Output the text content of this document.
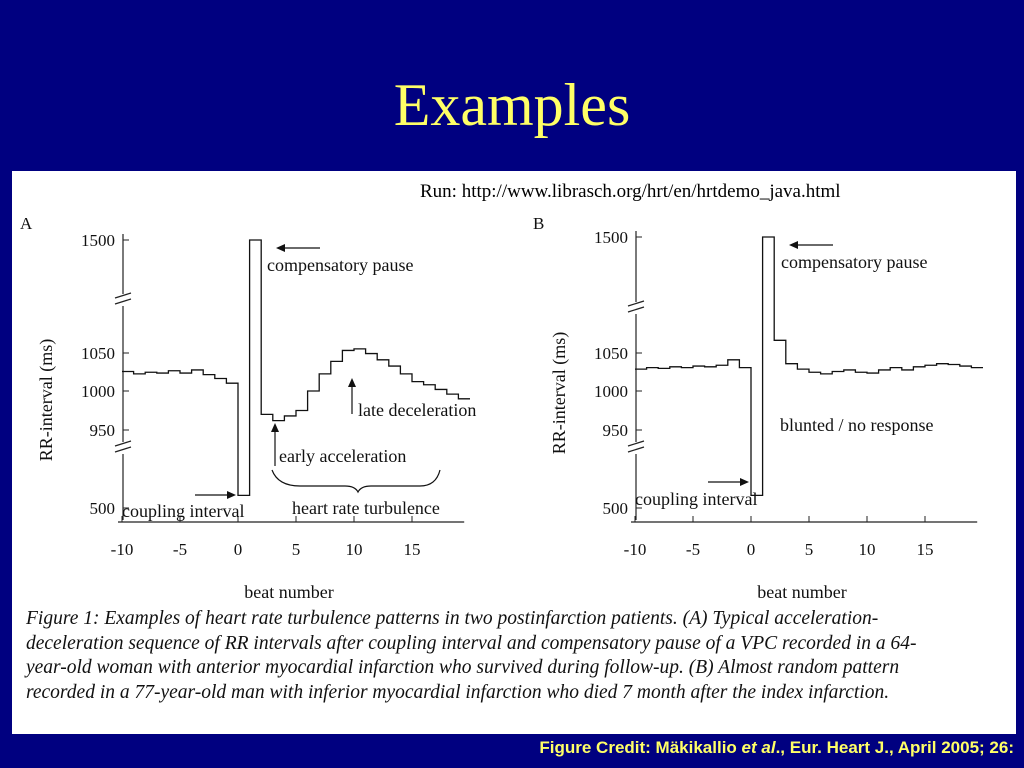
Examples
Run: http://www.librasch.org/hrt/en/hrtdemo_java.html
A
500
950
1000
1050
1500
RR-interval (ms)
-10 -5	0	5	10 15
beat number
compensatory pause
coupling interval
late deceleration
early acceleration
heart rate turbulence
B
500
950
1000
1050
1500
RR-interval (ms)
-10 -5	0	5	10 15
beat number
compensatory pause
coupling interval
blunted / no response
Figure 1: Examples of heart rate turbulence patterns in two postinfarction patients. (A) Typical acceleration-
deceleration sequence of RR intervals after coupling interval and compensatory pause of a VPC recorded in a 64-
year-old woman with anterior myocardial infarction who survived during follow-up. (B) Almost random pattern
recorded in a 77-year-old man with inferior myocardial infarction who died 7 month after the index infarction.
Figure Credit: Mäkikallio et al., Eur. Heart J., April 2005; 26:
